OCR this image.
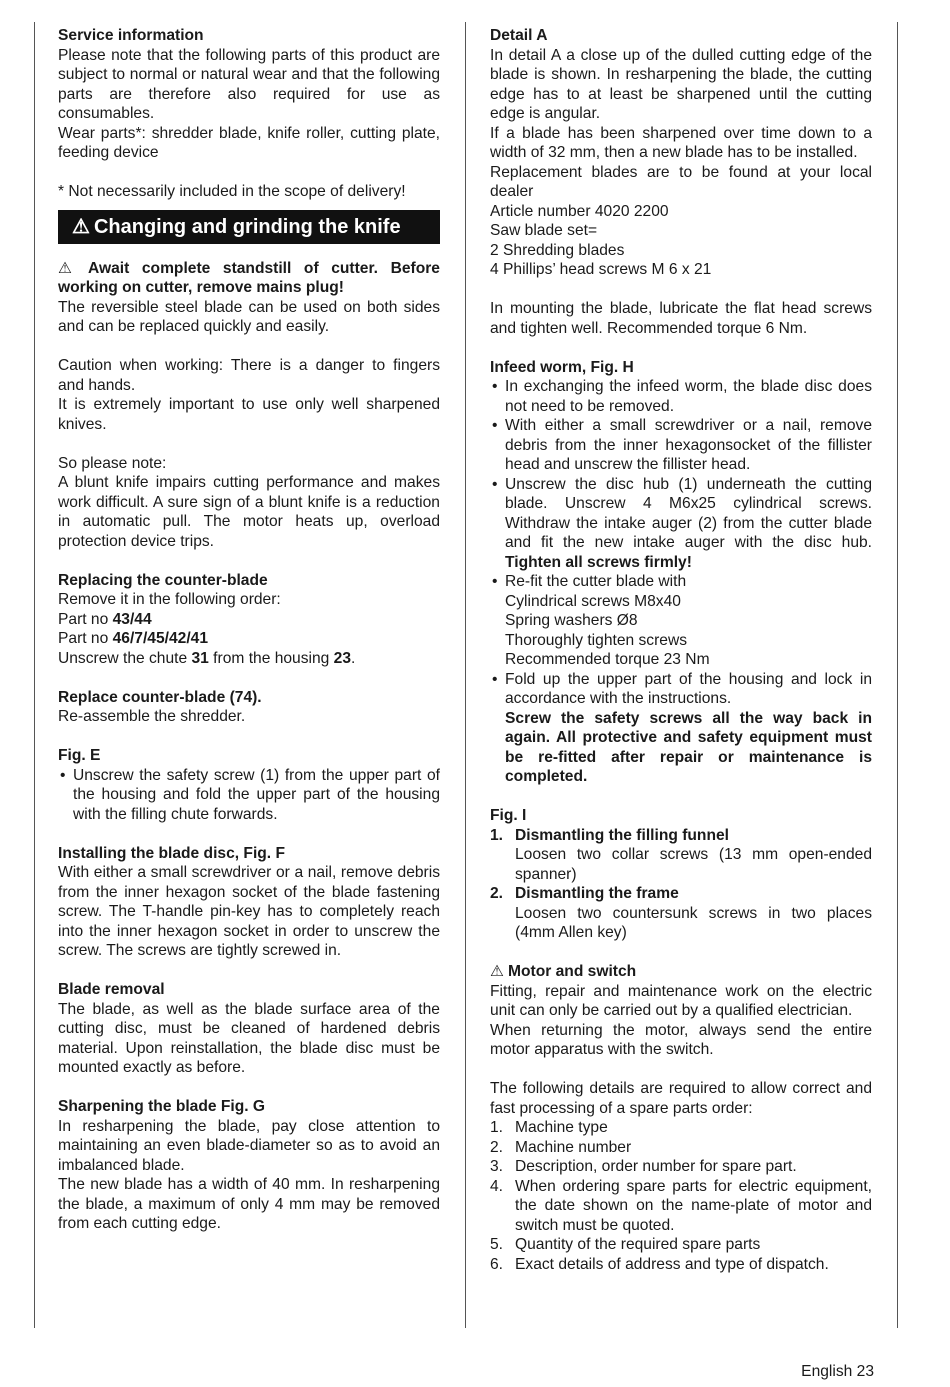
Service information

Please note that the following parts of this product are subject to normal or natural wear and that the following parts are therefore also required for use as consumables.

Wear parts*: shredder blade, knife roller, cutting plate, feeding device

* Not necessarily included in the scope of delivery!

⚠ Changing and grinding the knife

⚠ Await complete standstill of cutter. Before working on cutter, remove mains plug!

The reversible steel blade can be used on both sides and can be replaced quickly and easily.

Caution when working: There is a danger to fingers and hands.

It is extremely important to use only well sharpened knives.

So please note:

A blunt knife impairs cutting performance and makes work difficult. A sure sign of a blunt knife is a reduction in automatic pull. The motor heats up, overload protection device trips.

Replacing the counter-blade

Remove it in the following order:

Part no 43/44

Part no 46/7/45/42/41

Unscrew the chute 31 from the housing 23.

Replace counter-blade (74).

Re-assemble the shredder.

Fig. E

• Unscrew the safety screw (1) from the upper part of the housing and fold the upper part of the housing with the filling chute forwards.

Installing the blade disc, Fig. F

With either a small screwdriver or a nail, remove debris from the inner hexagon socket of the blade fastening screw. The T-handle pin-key has to completely reach into the inner hexagon socket in order to unscrew the screw. The screws are tightly screwed in.

Blade removal

The blade, as well as the blade surface area of the cutting disc, must be cleaned of hardened debris material. Upon reinstallation, the blade disc must be mounted exactly as before.

Sharpening the blade Fig. G

In resharpening the blade, pay close attention to maintaining an even blade-diameter so as to avoid an imbalanced blade.

The new blade has a width of 40 mm. In resharpening the blade, a maximum of only 4 mm may be removed from each cutting edge.

Detail A

In detail A a close up of the dulled cutting edge of the blade is shown. In resharpening the blade, the cutting edge has to at least be sharpened until the cutting edge is angular.

If a blade has been sharpened over time down to a width of 32 mm, then a new blade has to be installed.

Replacement blades are to be found at your local dealer

Article number 4020 2200

Saw blade set=

2 Shredding blades

4 Phillips’ head screws M 6 x 21

In mounting the blade, lubricate the flat head screws and tighten well. Recommended torque 6 Nm.

Infeed worm, Fig. H

• In exchanging the infeed worm, the blade disc does not need to be removed.
• With either a small screwdriver or a nail, remove debris from the inner hexagonsocket of the fillister head and unscrew the fillister head.
• Unscrew the disc hub (1) underneath the cutting blade. Unscrew 4 M6x25 cylindrical screws. Withdraw the intake auger (2) from the cutter blade and fit the new intake auger with the disc hub. Tighten all screws firmly!
• Re-fit the cutter blade with
Cylindrical screws M8x40
Spring washers Ø8
Thoroughly tighten screws
Recommended torque 23 Nm
• Fold up the upper part of the housing and lock in accordance with the instructions.
Screw the safety screws all the way back in again. All protective and safety equipment must be re-fitted after repair or maintenance is completed.

Fig. I

1. Dismantling the filling funnel
Loosen two collar screws (13 mm open-ended spanner)
2. Dismantling the frame
Loosen two countersunk screws in two places (4mm Allen key)

⚠ Motor and switch

Fitting, repair and maintenance work on the electric unit can only be carried out by a qualified electrician.

When returning the motor, always send the entire motor apparatus with the switch.

The following details are required to allow correct and fast processing of a spare parts order:

1. Machine type
2. Machine number
3. Description, order number for spare part.
4. When ordering spare parts for electric equipment, the date shown on the name-plate of motor and switch must be quoted.
5. Quantity of the required spare parts
6. Exact details of address and type of dispatch.
English 23
